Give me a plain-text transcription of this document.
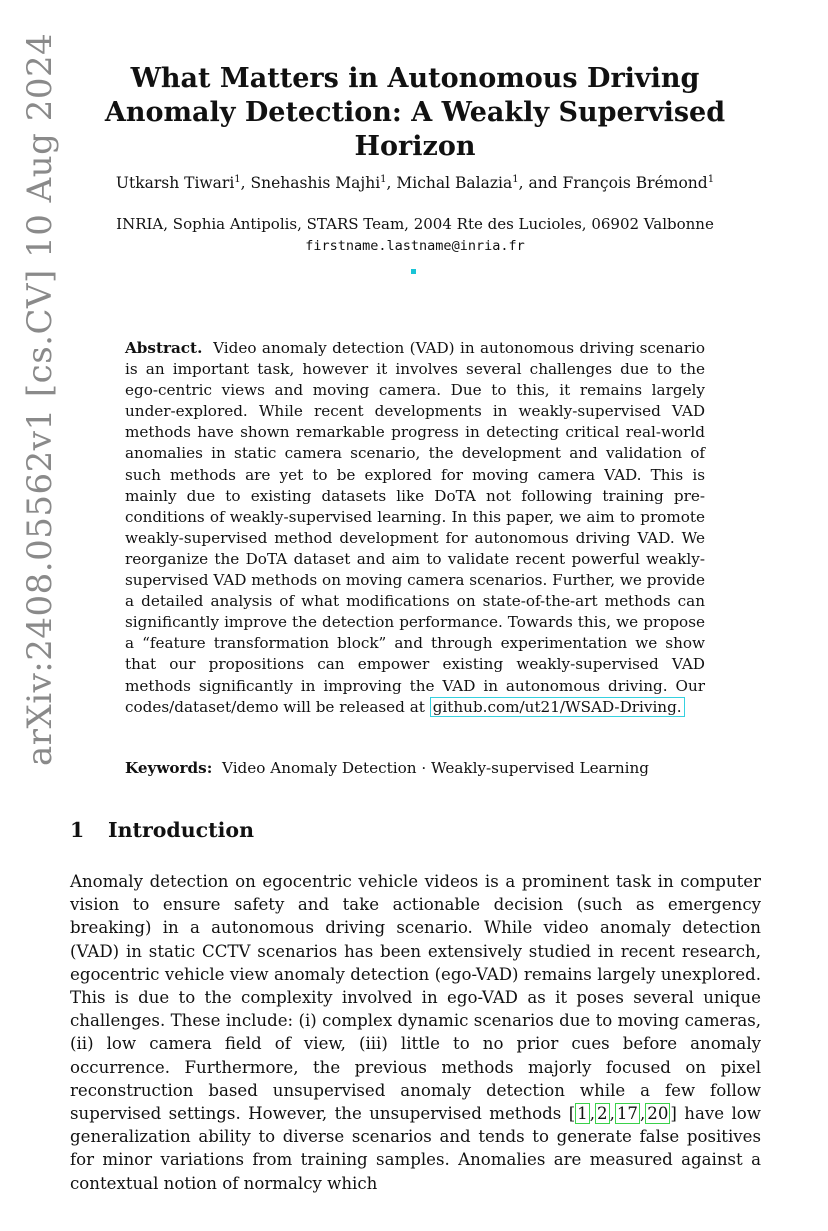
arXiv:2408.05562v1 [cs.CV] 10 Aug 2024	What Matters in Autonomous Driving Anomaly Detection: A Weakly Supervised Horizon
Utkarsh Tiwari$^1$, Snehashis Majhi$^1$, Michal Balazia$^1$, and François Brémond$^1$
INRIA, Sophia Antipolis, STARS Team, 2004 Rte des Lucioles, 06902 Valbonne
firstname.lastname@inria.fr

Abstract. Video anomaly detection (VAD) in autonomous driving scenario is an important task, however it involves several challenges due to the ego-centric views and moving camera. Due to this, it remains largely under-explored. While recent developments in weakly-supervised VAD methods have shown remarkable progress in detecting critical real-world anomalies in static camera scenario, the development and validation of such methods are yet to be explored for moving camera VAD. This is mainly due to existing datasets like DoTA not following training pre-conditions of weakly-supervised learning. In this paper, we aim to promote weakly-supervised method development for autonomous driving VAD. We reorganize the DoTA dataset and aim to validate recent powerful weakly-supervised VAD methods on moving camera scenarios. Further, we provide a detailed analysis of what modifications on state-of-the-art methods can significantly improve the detection performance. Towards this, we propose a “feature transformation block” and through experimentation we show that our propositions can empower existing weakly-supervised VAD methods significantly in improving the VAD in autonomous driving. Our codes/dataset/demo will be released at github.com/ut21/WSAD-Driving.

Keywords: Video Anomaly Detection · Weakly-supervised Learning
1 Introduction

Anomaly detection on egocentric vehicle videos is a prominent task in computer vision to ensure safety and take actionable decision (such as emergency breaking) in a autonomous driving scenario. While video anomaly detection (VAD) in static CCTV scenarios has been extensively studied in recent research, egocentric vehicle view anomaly detection (ego-VAD) remains largely unexplored. This is due to the complexity involved in ego-VAD as it poses several unique challenges. These include: (i) complex dynamic scenarios due to moving cameras, (ii) low camera field of view, (iii) little to no prior cues before anomaly occurrence. Furthermore, the previous methods majorly focused on pixel reconstruction based unsupervised anomaly detection while a few follow supervised settings. However, the unsupervised methods [ 1 , 2 , 17 , 20 ] have low generalization ability to diverse scenarios and tends to generate false positives for minor variations from training samples. Anomalies are measured against a contextual notion of normalcy which
